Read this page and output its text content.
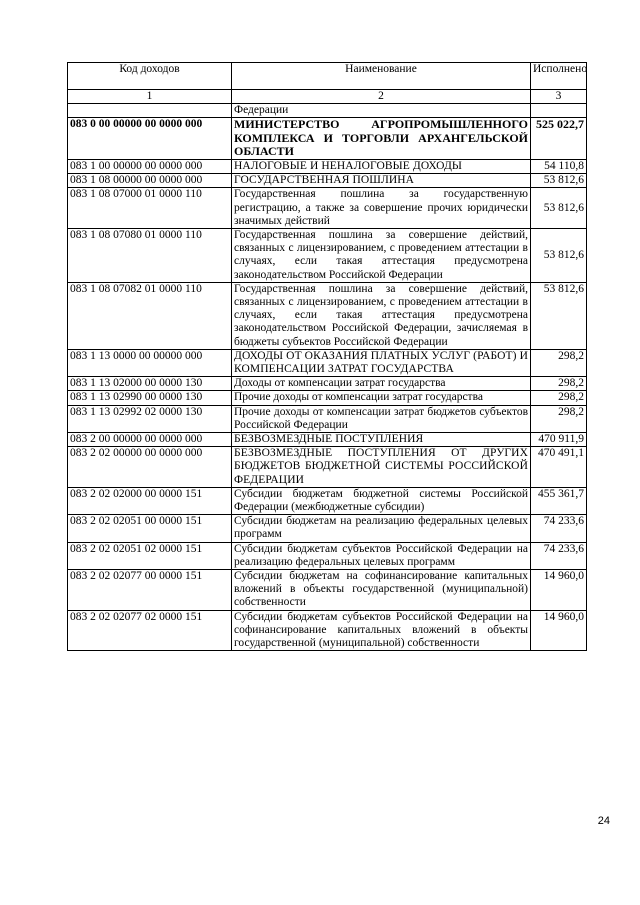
Код доходов	Наименование	Исполнено
1	2	3
	Федерации	
083 0 00 00000 00 0000 000	МИНИСТЕРСТВО АГРОПРОМЫШЛЕННОГО КОМПЛЕКСА И ТОРГОВЛИ АРХАНГЕЛЬСКОЙ ОБЛАСТИ	525 022,7
083 1 00 00000 00 0000 000	НАЛОГОВЫЕ И НЕНАЛОГОВЫЕ ДОХОДЫ	54 110,8
083 1 08 00000 00 0000 000	ГОСУДАРСТВЕННАЯ ПОШЛИНА	53 812,6
083 1 08 07000 01 0000 110	Государственная пошлина за государственную регистрацию, а также за совершение прочих юридически значимых действий	53 812,6
083 1 08 07080 01 0000 110	Государственная пошлина за совершение действий, связанных с лицензированием, с проведением аттестации в случаях, если такая аттестация предусмотрена законодательством Российской Федерации	53 812,6
083 1 08 07082 01 0000 110	Государственная пошлина за совершение действий, связанных с лицензированием, с проведением аттестации в случаях, если такая аттестация предусмотрена законодательством Российской Федерации, зачисляемая в бюджеты субъектов Российской Федерации	53 812,6
083 1 13 0000 00 00000 000	ДОХОДЫ ОТ ОКАЗАНИЯ ПЛАТНЫХ УСЛУГ (РАБОТ) И КОМПЕНСАЦИИ ЗАТРАТ ГОСУДАРСТВА	298,2
083 1 13 02000 00 0000 130	Доходы от компенсации затрат государства	298,2
083 1 13 02990 00 0000 130	Прочие доходы от компенсации затрат государства	298,2
083 1 13 02992 02 0000 130	Прочие доходы от компенсации затрат бюджетов субъектов Российской Федерации	298,2
083 2 00 00000 00 0000 000	БЕЗВОЗМЕЗДНЫЕ ПОСТУПЛЕНИЯ	470 911,9
083 2 02 00000 00 0000 000	БЕЗВОЗМЕЗДНЫЕ ПОСТУПЛЕНИЯ ОТ ДРУГИХ БЮДЖЕТОВ БЮДЖЕТНОЙ СИСТЕМЫ РОССИЙСКОЙ ФЕДЕРАЦИИ	470 491,1
083 2 02 02000 00 0000 151	Субсидии бюджетам бюджетной системы Российской Федерации (межбюджетные субсидии)	455 361,7
083 2 02 02051 00 0000 151	Субсидии бюджетам на реализацию федеральных целевых программ	74 233,6
083 2 02 02051 02 0000 151	Субсидии бюджетам субъектов Российской Федерации на реализацию федеральных целевых программ	74 233,6
083 2 02 02077 00 0000 151	Субсидии бюджетам на софинансирование капитальных вложений в объекты государственной (муниципальной) собственности	14 960,0
083 2 02 02077 02 0000 151	Субсидии бюджетам субъектов Российской Федерации на софинансирование капитальных вложений в объекты государственной (муниципальной) собственности	14 960,0
24
